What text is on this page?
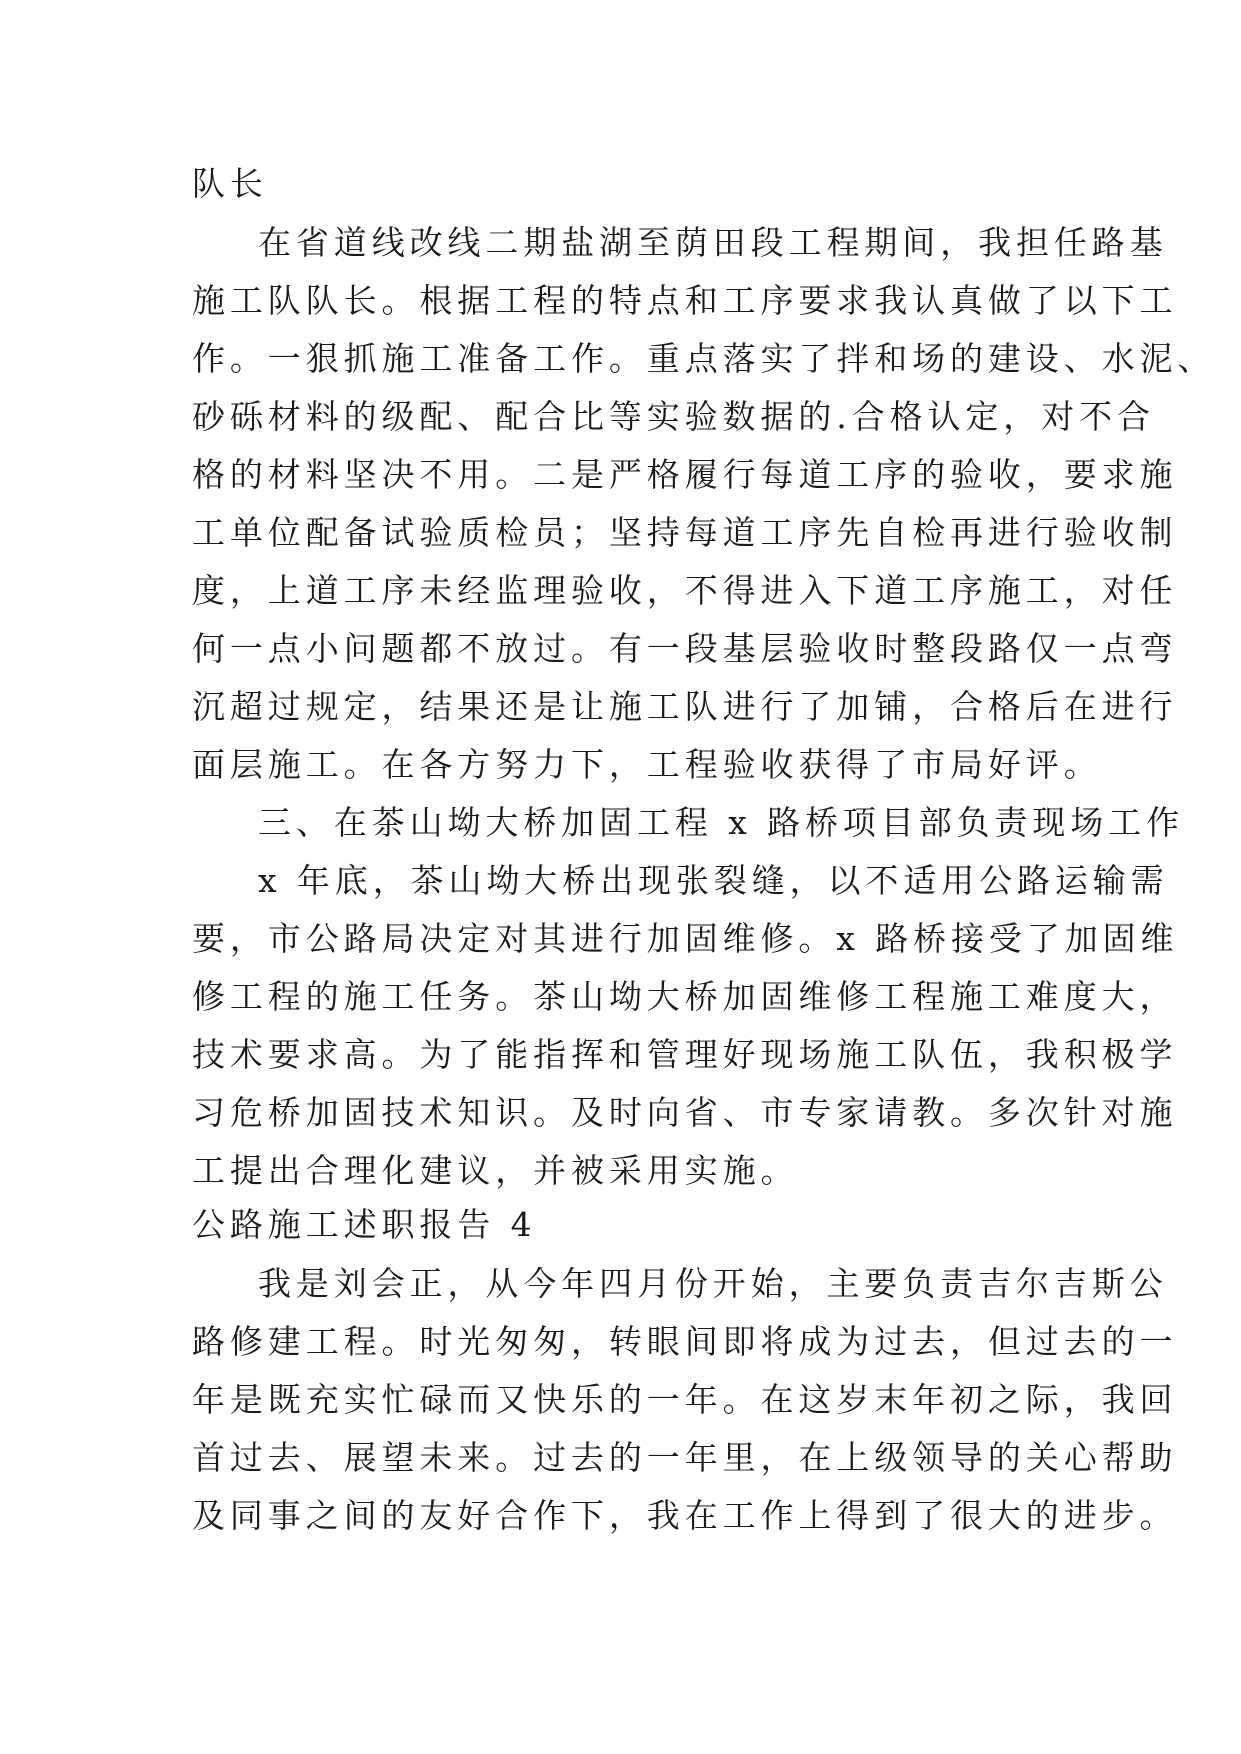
队长
在省道线改线二期盐湖至荫田段工程期间，我担任路基
施工队队长。根据工程的特点和工序要求我认真做了以下工
作。一狠抓施工准备工作。重点落实了拌和场的建设、水泥、
砂砾材料的级配、配合比等实验数据的.合格认定，对不合
格的材料坚决不用。二是严格履行每道工序的验收，要求施
工单位配备试验质检员；坚持每道工序先自检再进行验收制
度，上道工序未经监理验收，不得进入下道工序施工，对任
何一点小问题都不放过。有一段基层验收时整段路仅一点弯
沉超过规定，结果还是让施工队进行了加铺，合格后在进行
面层施工。在各方努力下，工程验收获得了市局好评。
三、在茶山坳大桥加固工程 x 路桥项目部负责现场工作
x 年底，茶山坳大桥出现张裂缝，以不适用公路运输需
要，市公路局决定对其进行加固维修。x 路桥接受了加固维
修工程的施工任务。茶山坳大桥加固维修工程施工难度大，
技术要求高。为了能指挥和管理好现场施工队伍，我积极学
习危桥加固技术知识。及时向省、市专家请教。多次针对施
工提出合理化建议，并被采用实施。
公路施工述职报告 4
我是刘会正，从今年四月份开始，主要负责吉尔吉斯公
路修建工程。时光匆匆，转眼间即将成为过去，但过去的一
年是既充实忙碌而又快乐的一年。在这岁末年初之际，我回
首过去、展望未来。过去的一年里，在上级领导的关心帮助
及同事之间的友好合作下，我在工作上得到了很大的进步。
